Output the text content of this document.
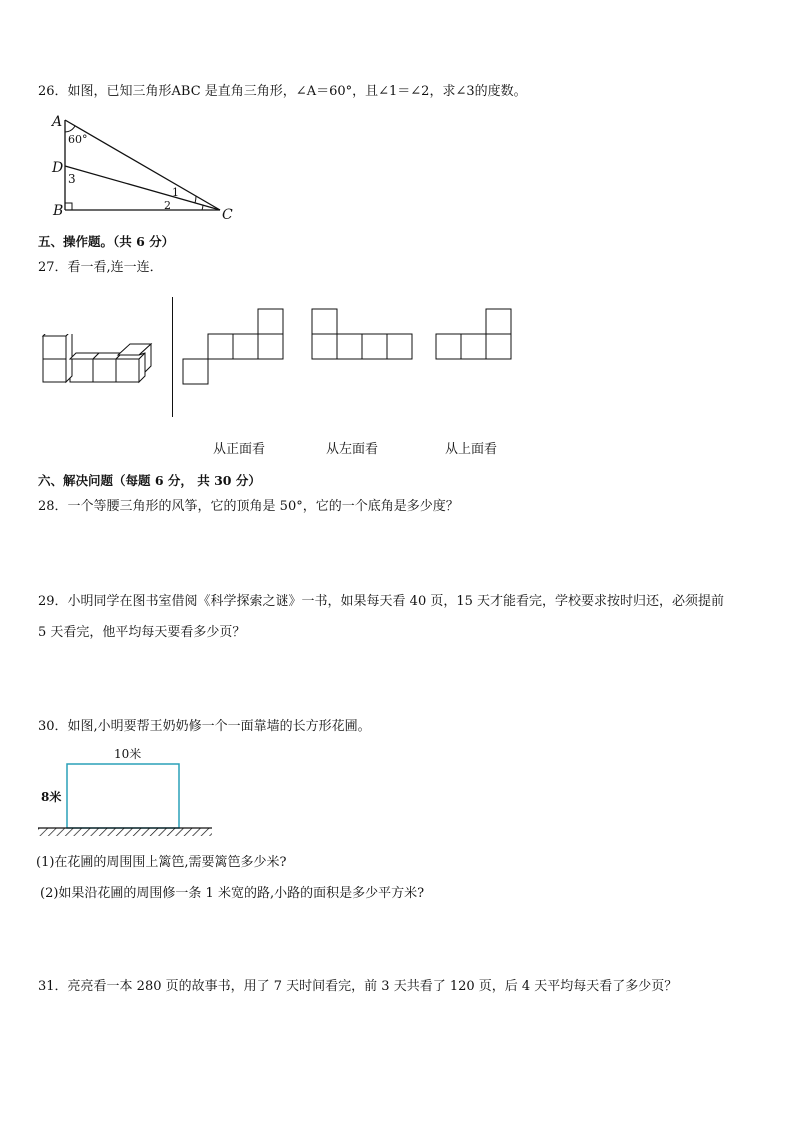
26．如图，已知三角形ABC 是直角三角形，∠A＝60°，且∠1＝∠2，求∠3的度数。
A
60°
D
3
B	C
1
2
五、操作题。（共 6 分）
27．看一看,连一连．
从正面看	从左面看	从上面看
六、解决问题（每题 6 分， 共 30 分）
28．一个等腰三角形的风筝，它的顶角是 50°，它的一个底角是多少度？
29．小明同学在图书室借阅《科学探索之谜》一书，如果每天看 40 页，15 天才能看完，学校要求按时归还，必须提前
5 天看完，他平均每天要看多少页？
30．如图,小明要帮王奶奶修一个一面靠墙的长方形花圃。
10米
8米
(1)在花圃的周围围上篱笆,需要篱笆多少米?
(2)如果沿花圃的周围修一条 1 米宽的路,小路的面积是多少平方米?
31．亮亮看一本 280 页的故事书，用了 7 天时间看完，前 3 天共看了 120 页，后 4 天平均每天看了多少页？
